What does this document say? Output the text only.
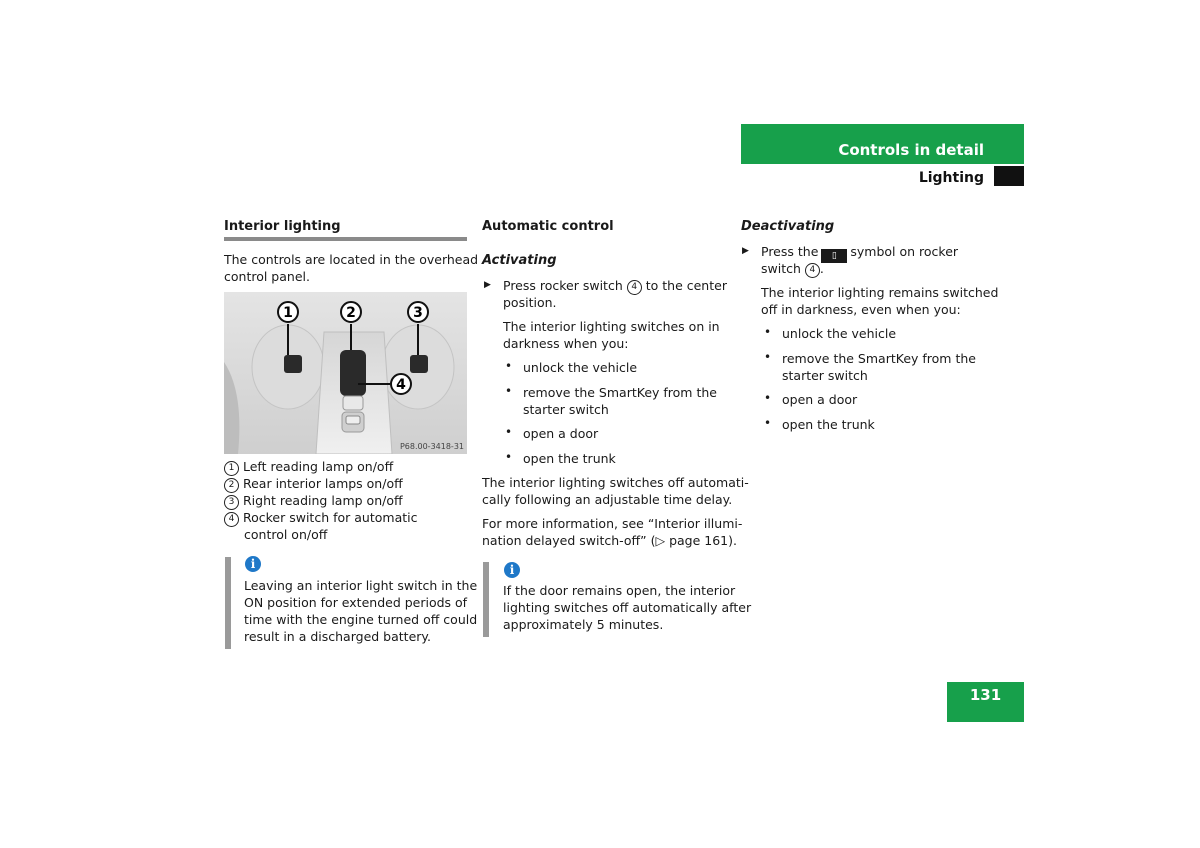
Controls in detail
Lighting
Interior lighting
The controls are located in the overhead
control panel.
1	2	3
4
P68.00-3418-31
1 Left reading lamp on/off
2 Rear interior lamps on/off
3 Right reading lamp on/off
4 Rocker switch for automatic
control on/off
i
Leaving an interior light switch in the
ON position for extended periods of
time with the engine turned off could
result in a discharged battery.
Automatic control
Activating
▶ Press rocker switch 4 to the center
position.
The interior lighting switches on in
darkness when you:
• unlock the vehicle
• remove the SmartKey from the
starter switch
• open a door
• open the trunk
The interior lighting switches off automati-
cally following an adjustable time delay.
For more information, see “Interior illumi-
nation delayed switch-off” (▷ page 161).
i
If the door remains open, the interior
lighting switches off automatically after
approximately 5 minutes.
Deactivating
▶ Press the ▯ symbol on rocker
switch 4 .
The interior lighting remains switched
off in darkness, even when you:
• unlock the vehicle
• remove the SmartKey from the
starter switch
• open a door
• open the trunk
131
